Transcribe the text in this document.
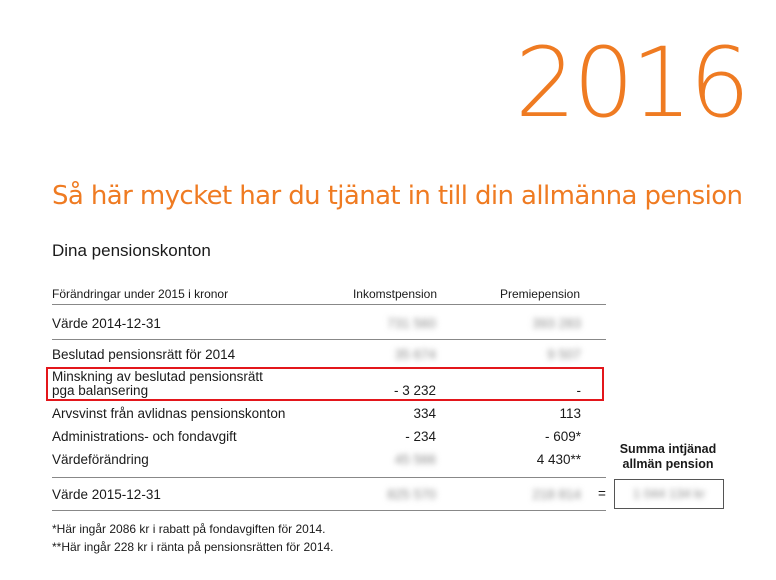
2016
Så här mycket har du tjänat in till din allmänna pension
Dina pensionskonton
Förändringar under 2015 i kronor	Inkomstpension	Premiepension
Värde 2014-12-31	731 560	393 283
Beslutad pensionsrätt för 2014	35 674	9 507
Minskning av beslutad pensionsrätt
pga balansering	- 3 232	-
Arvsvinst från avlidnas pensionskonton	334	113
Administrations- och fondavgift	- 234	- 609*
Värdeförändring	45 566	4 430**
Värde 2015-12-31	825 570	218 814
Summa intjänad
allmän pension
=	1 044 134 kr
*Här ingår 2086 kr i rabatt på fondavgiften för 2014.
**Här ingår 228 kr i ränta på pensionsrätten för 2014.
